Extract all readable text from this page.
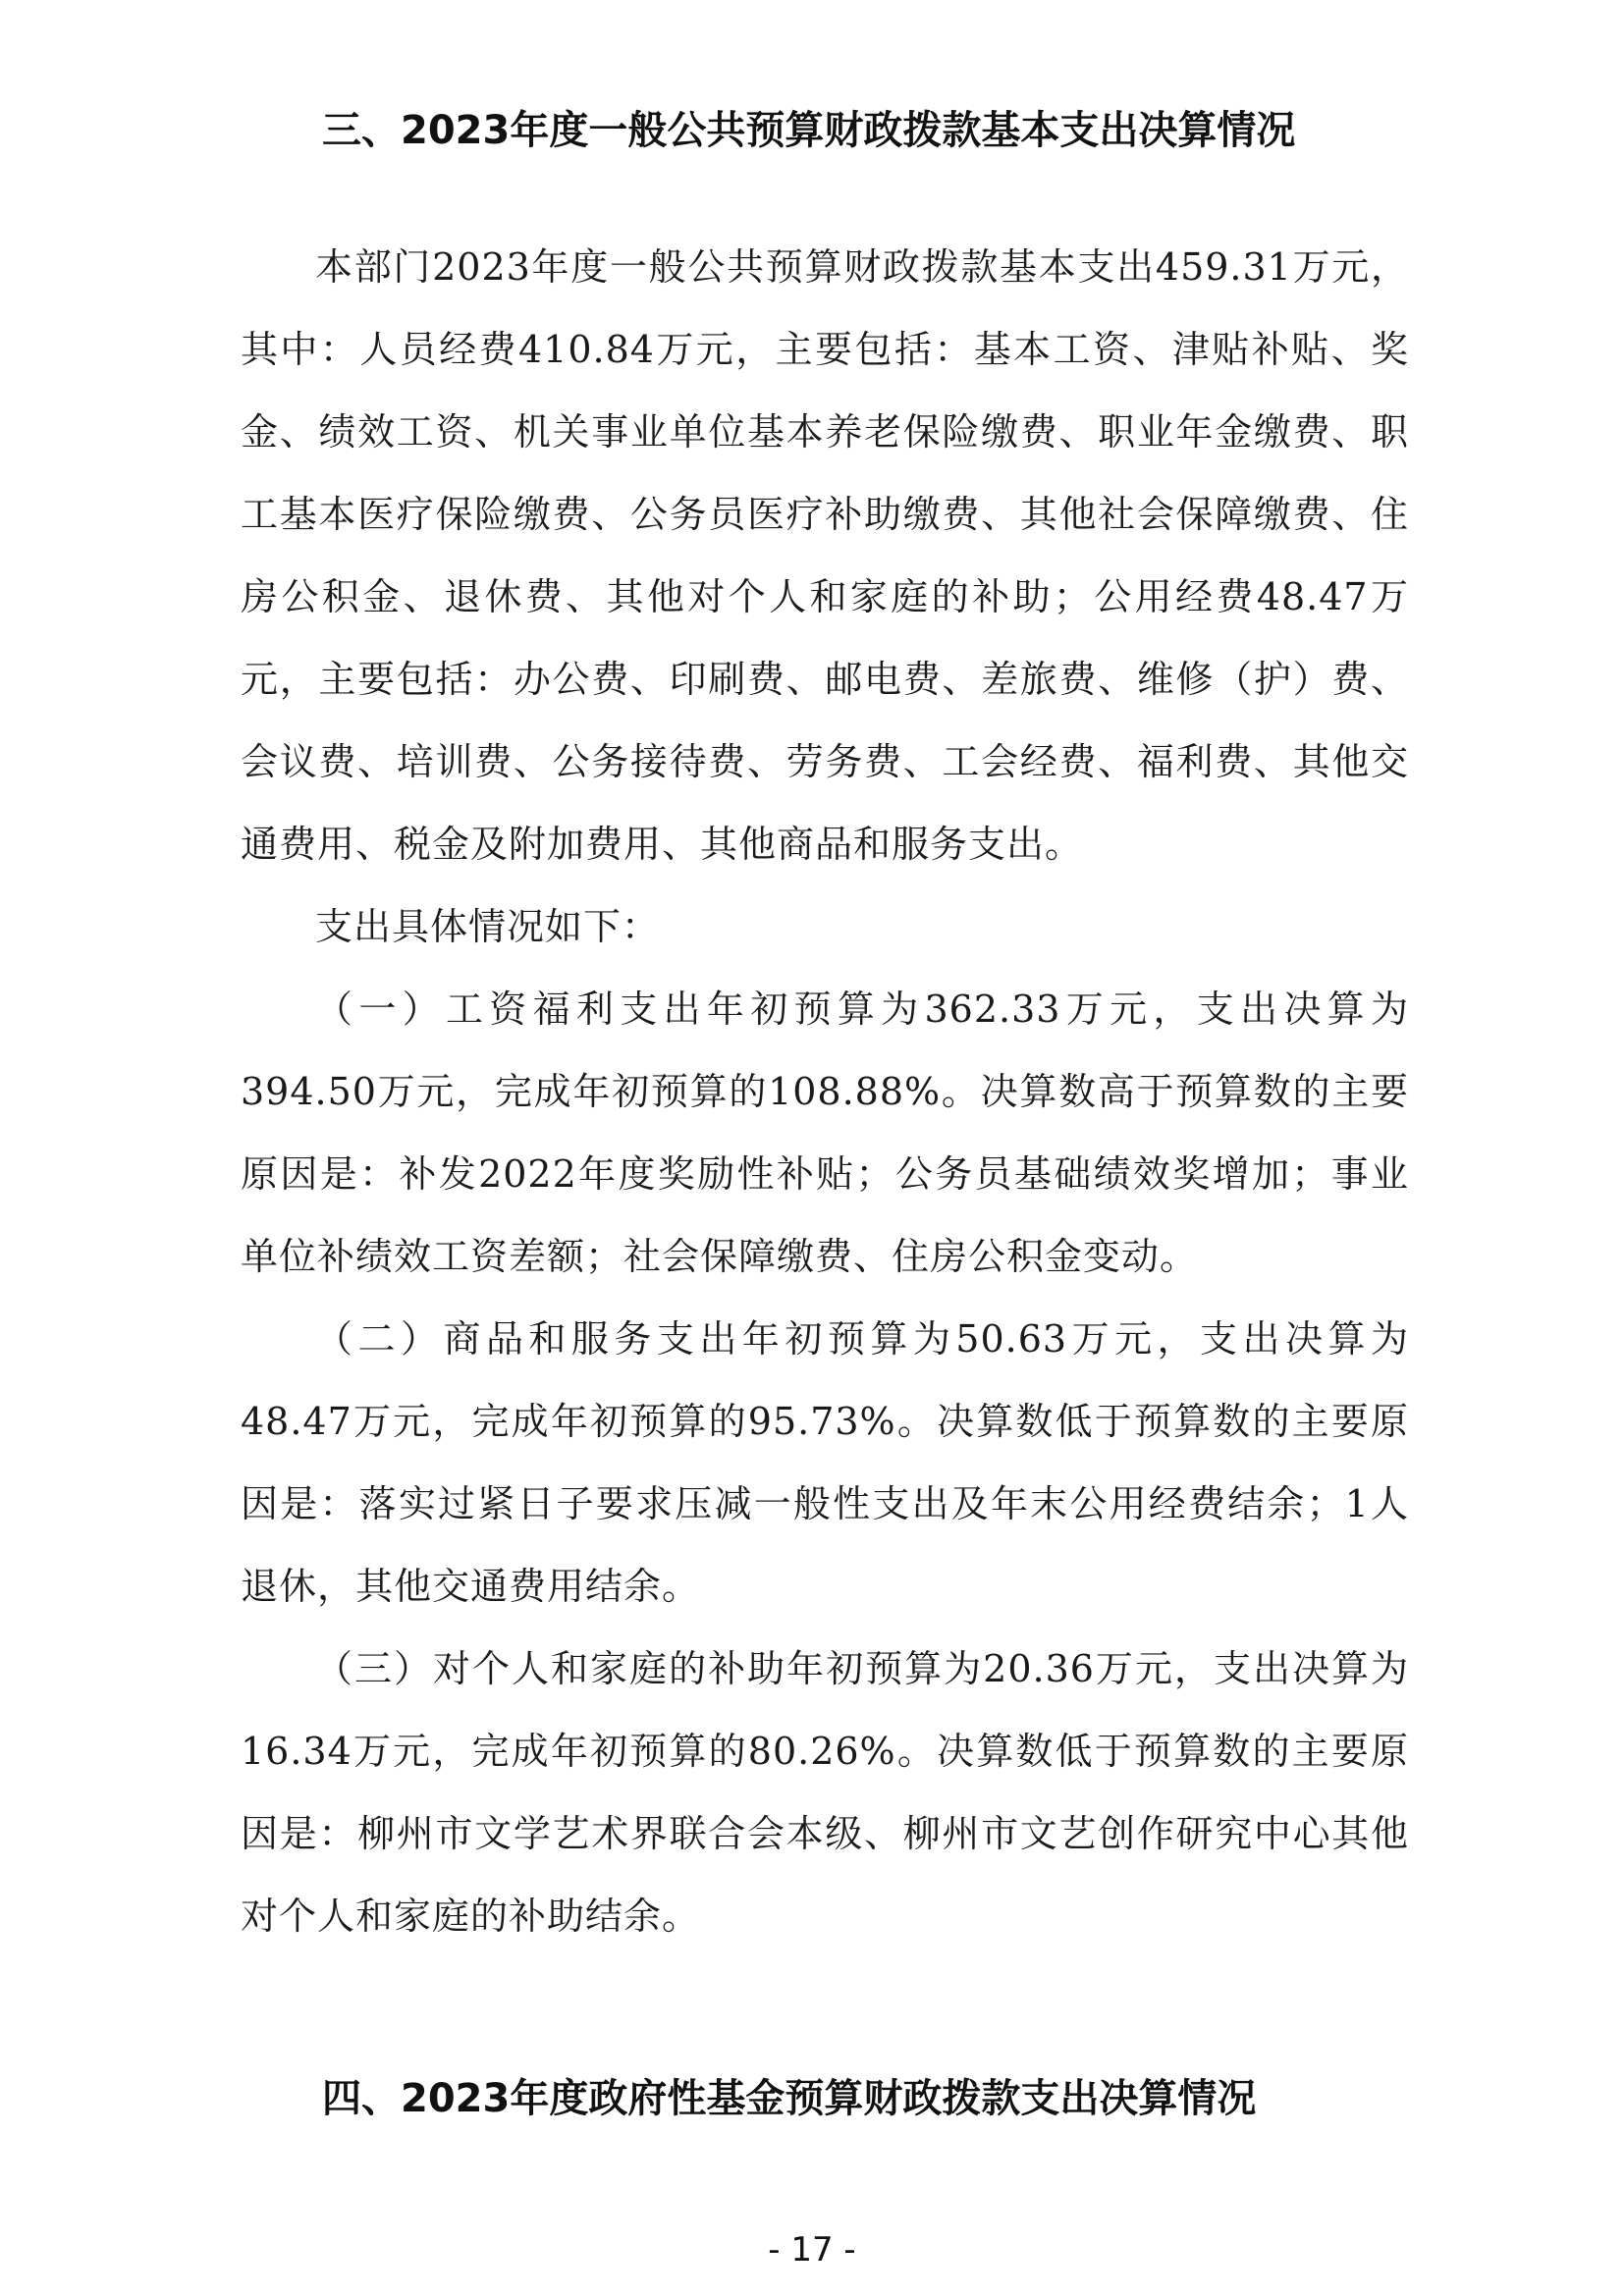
三、2023年度一般公共预算财政拨款基本支出决算情况

本部门2023年度一般公共预算财政拨款基本支出459.31万元，其中：人员经费410.84万元，主要包括：基本工资、津贴补贴、奖金、绩效工资、机关事业单位基本养老保险缴费、职业年金缴费、职工基本医疗保险缴费、公务员医疗补助缴费、其他社会保障缴费、住房公积金、退休费、其他对个人和家庭的补助；公用经费48.47万元，主要包括：办公费、印刷费、邮电费、差旅费、维修（护）费、会议费、培训费、公务接待费、劳务费、工会经费、福利费、其他交通费用、税金及附加费用、其他商品和服务支出。

支出具体情况如下：

（一）工资福利支出年初预算为362.33万元，支出决算为394.50万元，完成年初预算的108.88%。决算数高于预算数的主要原因是：补发2022年度奖励性补贴；公务员基础绩效奖增加；事业单位补绩效工资差额；社会保障缴费、住房公积金变动。

（二）商品和服务支出年初预算为50.63万元，支出决算为48.47万元，完成年初预算的95.73%。决算数低于预算数的主要原因是：落实过紧日子要求压减一般性支出及年末公用经费结余；1人退休，其他交通费用结余。

（三）对个人和家庭的补助年初预算为20.36万元，支出决算为16.34万元，完成年初预算的80.26%。决算数低于预算数的主要原因是：柳州市文学艺术界联合会本级、柳州市文艺创作研究中心其他对个人和家庭的补助结余。

四、2023年度政府性基金预算财政拨款支出决算情况
- 17 -
